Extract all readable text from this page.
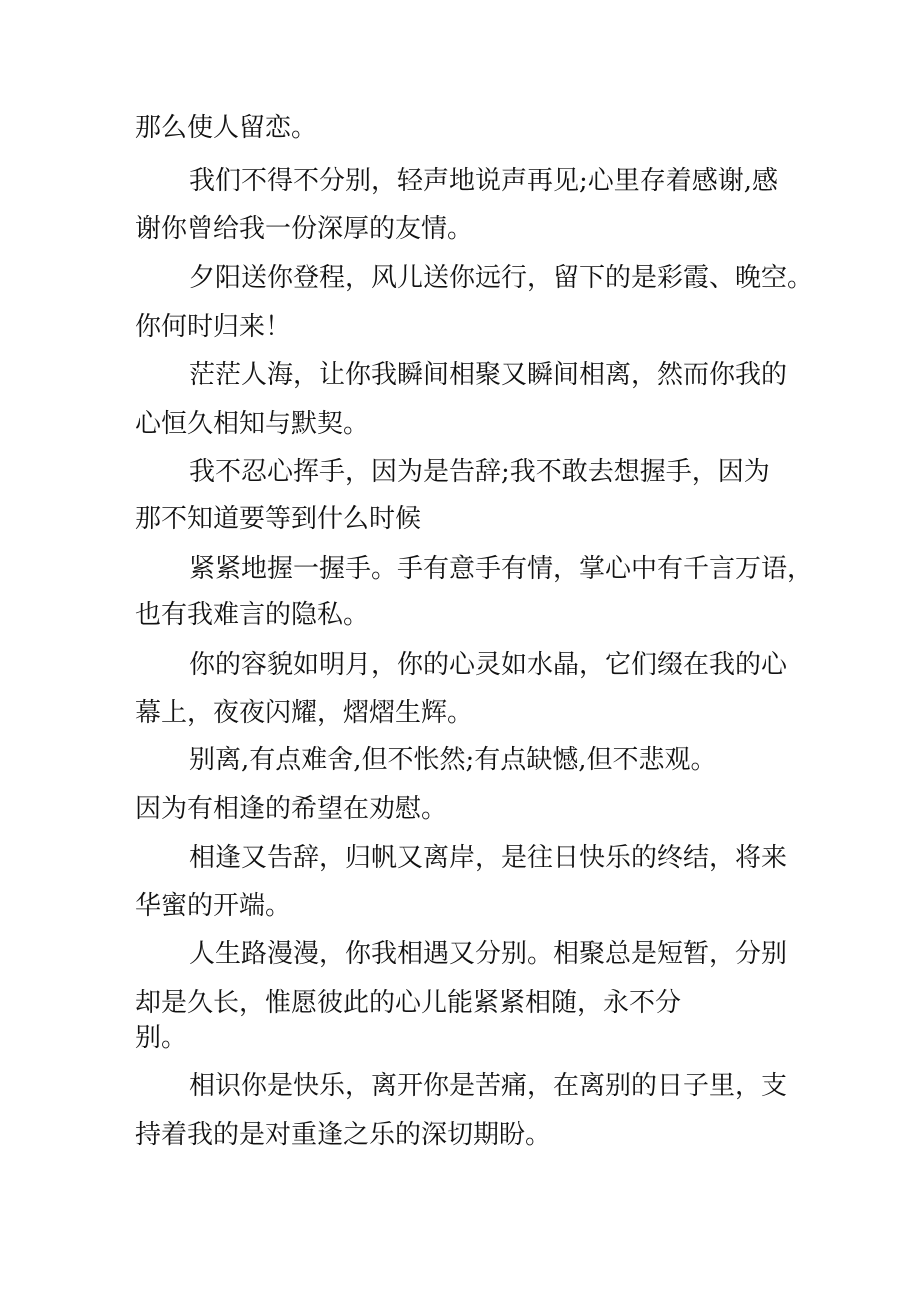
那么使人留恋。
我们不得不分别，轻声地说声再见;心里存着感谢,感
谢你曾给我一份深厚的友情。
夕阳送你登程，风儿送你远行，留下的是彩霞、晚空。
你何时归来！
茫茫人海，让你我瞬间相聚又瞬间相离，然而你我的
心恒久相知与默契。
我不忍心挥手，因为是告辞;我不敢去想握手，因为
那不知道要等到什么时候
紧紧地握一握手。手有意手有情，掌心中有千言万语，
也有我难言的隐私。
你的容貌如明月，你的心灵如水晶，它们缀在我的心
幕上，夜夜闪耀，熠熠生辉。
别离,有点难舍,但不怅然;有点缺憾,但不悲观。
因为有相逢的希望在劝慰。
相逢又告辞，归帆又离岸，是往日快乐的终结，将来
华蜜的开端。
人生路漫漫，你我相遇又分别。相聚总是短暂，分别
却是久长，惟愿彼此的心儿能紧紧相随，永不分
别。
相识你是快乐，离开你是苦痛，在离别的日子里，支
持着我的是对重逢之乐的深切期盼。
